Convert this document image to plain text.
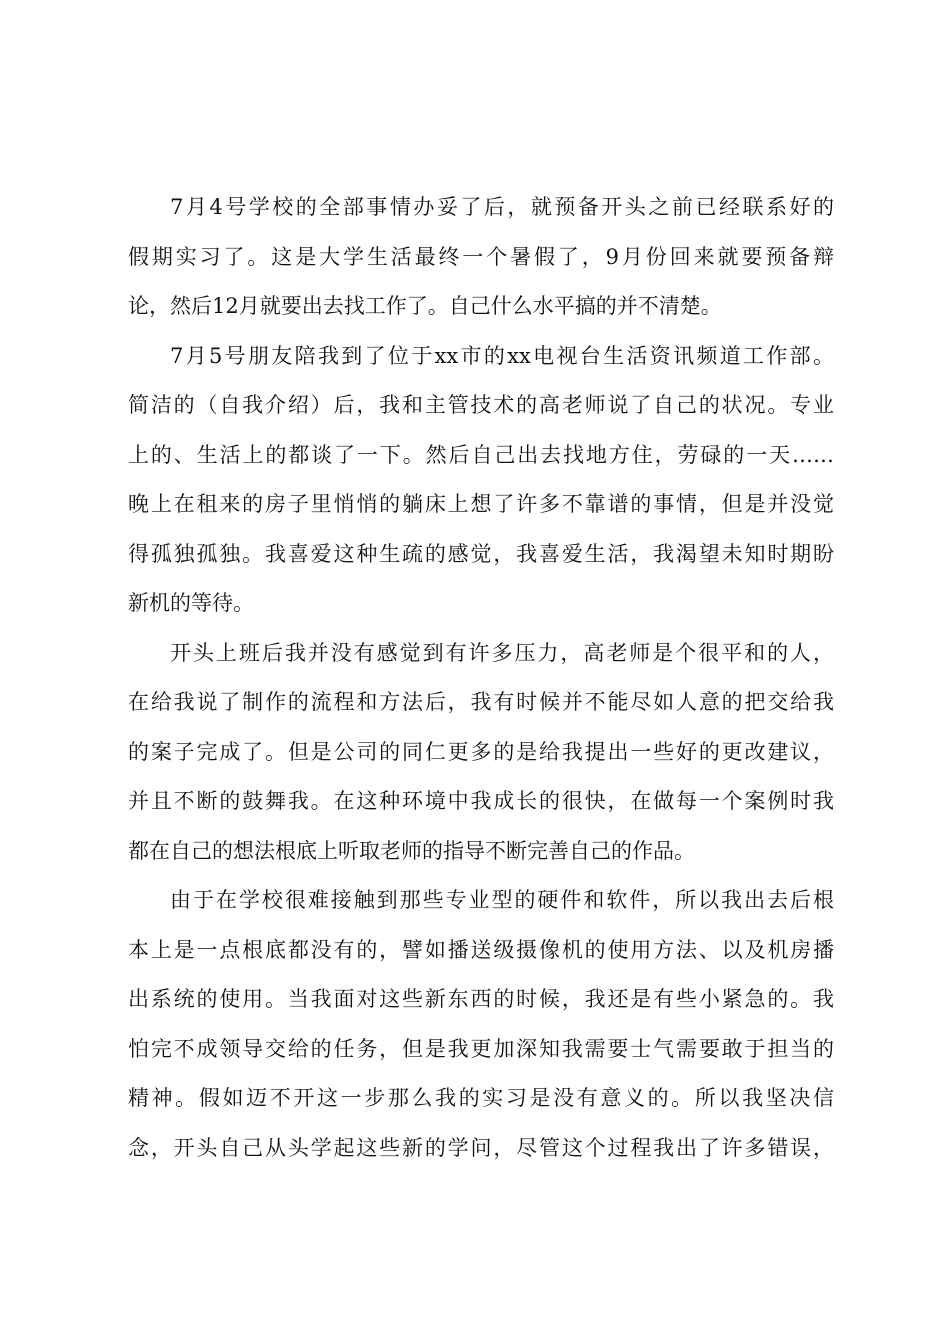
7月4号学校的全部事情办妥了后，就预备开头之前已经联系好的
假期实习了。这是大学生活最终一个暑假了，9月份回来就要预备辩
论，然后12月就要出去找工作了。自己什么水平搞的并不清楚。
7月5号朋友陪我到了位于xx市的xx电视台生活资讯频道工作部。
简洁的（自我介绍）后，我和主管技术的高老师说了自己的状况。专业
上的、生活上的都谈了一下。然后自己出去找地方住，劳碌的一天……
晚上在租来的房子里悄悄的躺床上想了许多不靠谱的事情，但是并没觉
得孤独孤独。我喜爱这种生疏的感觉，我喜爱生活，我渴望未知时期盼
新机的等待。
开头上班后我并没有感觉到有许多压力，高老师是个很平和的人，
在给我说了制作的流程和方法后，我有时候并不能尽如人意的把交给我
的案子完成了。但是公司的同仁更多的是给我提出一些好的更改建议，
并且不断的鼓舞我。在这种环境中我成长的很快，在做每一个案例时我
都在自己的想法根底上听取老师的指导不断完善自己的作品。
由于在学校很难接触到那些专业型的硬件和软件，所以我出去后根
本上是一点根底都没有的，譬如播送级摄像机的使用方法、以及机房播
出系统的使用。当我面对这些新东西的时候，我还是有些小紧急的。我
怕完不成领导交给的任务，但是我更加深知我需要士气需要敢于担当的
精神。假如迈不开这一步那么我的实习是没有意义的。所以我坚决信
念，开头自己从头学起这些新的学问，尽管这个过程我出了许多错误，
